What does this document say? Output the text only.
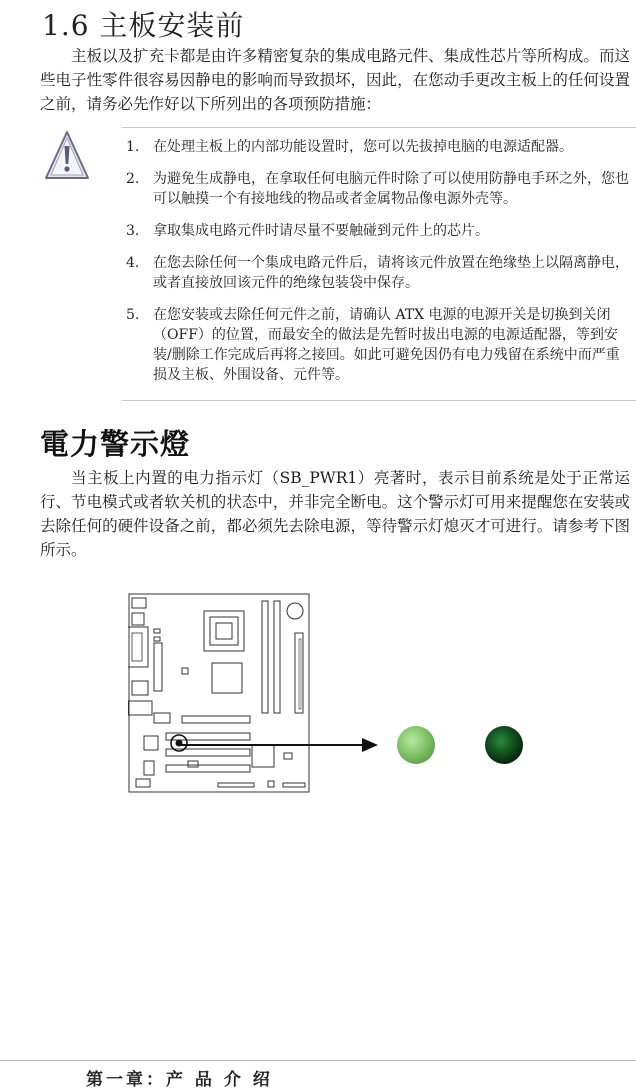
1.6 主板安装前
主板以及扩充卡都是由许多精密复杂的集成电路元件、集成性芯片等所构成。而这些电子性零件很容易因静电的影响而导致损坏，因此，在您动手更改主板上的任何设置之前，请务必先作好以下所列出的各项预防措施：
1. 在处理主板上的内部功能设置时，您可以先拔掉电脑的电源适配器。
2. 为避免生成静电，在拿取任何电脑元件时除了可以使用防静电手环之外，您也可以触摸一个有接地线的物品或者金属物品像电源外壳等。
3. 拿取集成电路元件时请尽量不要触碰到元件上的芯片。
4. 在您去除任何一个集成电路元件后，请将该元件放置在绝缘垫上以隔离静电，或者直接放回该元件的绝缘包装袋中保存。
5. 在您安装或去除任何元件之前，请确认 ATX 电源的电源开关是切换到关闭（OFF）的位置，而最安全的做法是先暂时拔出电源的电源适配器，等到安装/删除工作完成后再将之接回。如此可避免因仍有电力残留在系统中而严重损及主板、外围设备、元件等。
電力警示燈
当主板上内置的电力指示灯（SB_PWR1）亮著时，表示目前系统是处于正常运行、节电模式或者软关机的状态中，并非完全断电。这个警示灯可用来提醒您在安装或去除任何的硬件设备之前，都必须先去除电源，等待警示灯熄灭才可进行。请参考下图所示。
第一章：产 品 介 绍
